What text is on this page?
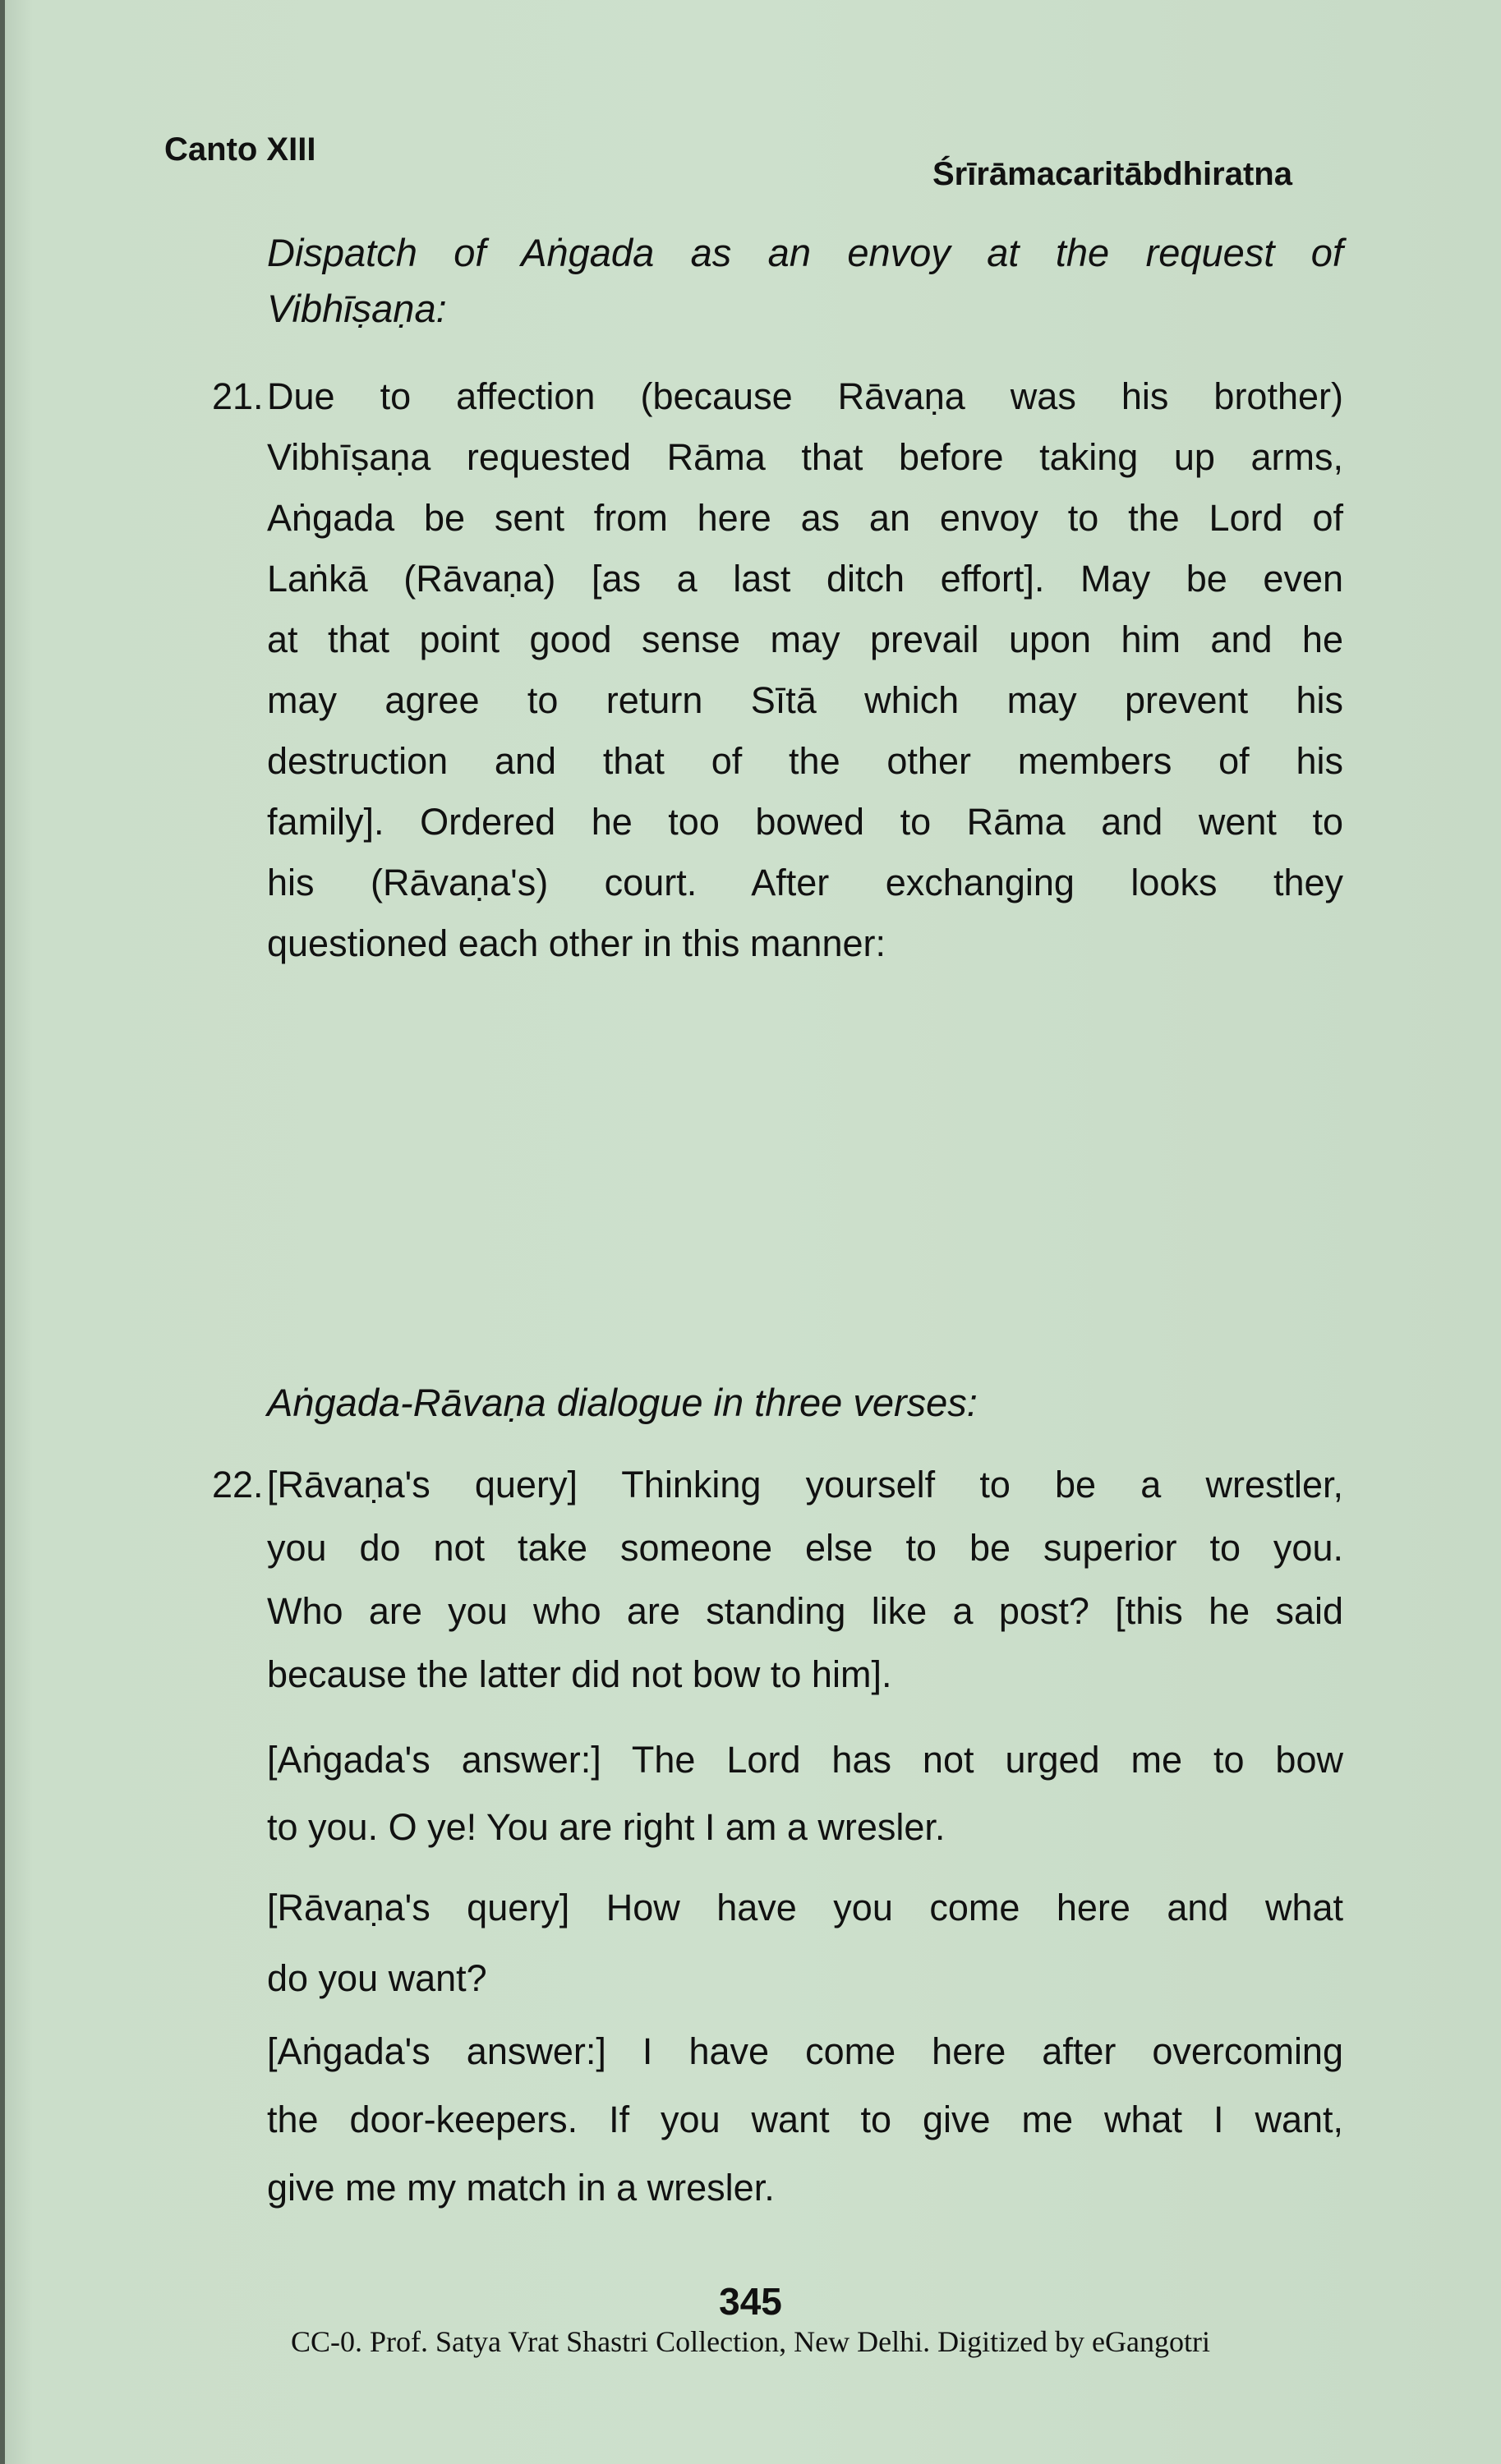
Canto XIII
Śrīrāmacaritābdhiratna
Dispatch of Aṅgada as an envoy at the request of
Vibhīṣaṇa:
21. Due to affection (because Rāvaṇa was his brother)
Vibhīṣaṇa requested Rāma that before taking up arms,
Aṅgada be sent from here as an envoy to the Lord of
Laṅkā (Rāvaṇa) [as a last ditch effort]. May be even
at that point good sense may prevail upon him and he
may agree to return Sītā which may prevent his
destruction and that of the other members of his
family]. Ordered he too bowed to Rāma and went to
his (Rāvaṇa's) court. After exchanging looks they
questioned each other in this manner:
Aṅgada-Rāvaṇa dialogue in three verses:
22. [Rāvaṇa's query] Thinking yourself to be a wrestler,
you do not take someone else to be superior to you.
Who are you who are standing like a post? [this he said
because the latter did not bow to him].
[Aṅgada's answer:] The Lord has not urged me to bow
to you. O ye! You are right I am a wresler.
[Rāvaṇa's query] How have you come here and what
do you want?
[Aṅgada's answer:] I have come here after overcoming
the door-keepers. If you want to give me what I want,
give me my match in a wresler.
345
CC-0. Prof. Satya Vrat Shastri Collection, New Delhi. Digitized by eGangotri
